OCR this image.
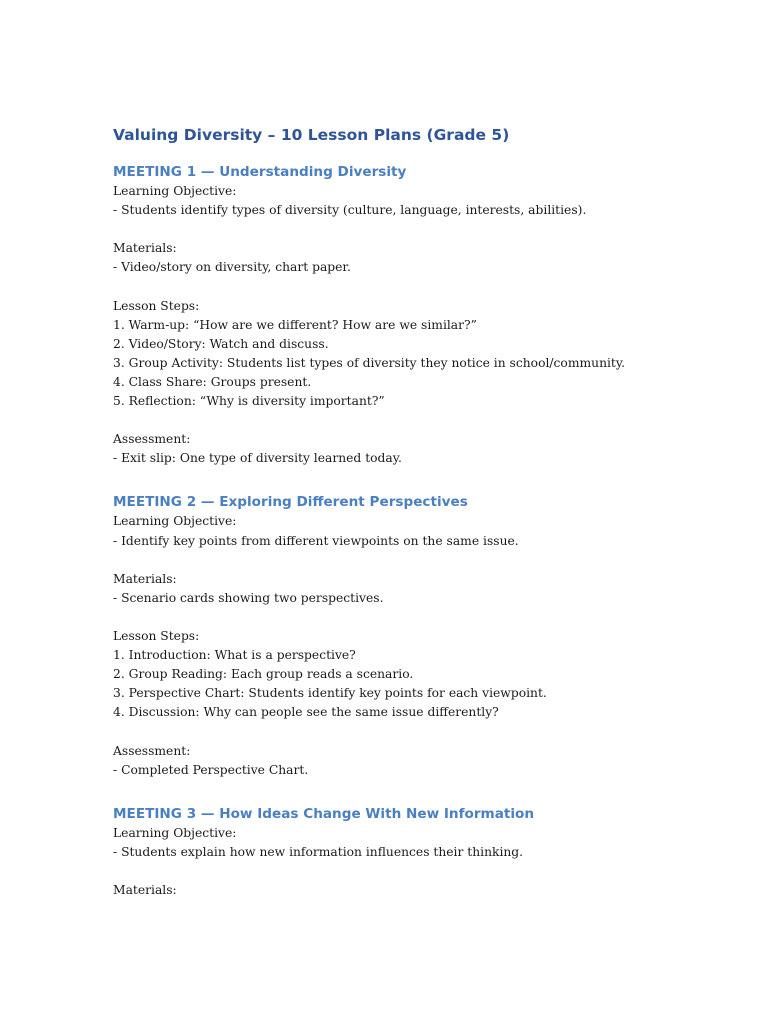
Valuing Diversity – 10 Lesson Plans (Grade 5)
MEETING 1 — Understanding Diversity

Learning Objective:

- Students identify types of diversity (culture, language, interests, abilities).

Materials:

- Video/story on diversity, chart paper.

Lesson Steps:

1. Warm-up: “How are we different? How are we similar?”

2. Video/Story: Watch and discuss.

3. Group Activity: Students list types of diversity they notice in school/community.

4. Class Share: Groups present.

5. Reflection: “Why is diversity important?”

Assessment:

- Exit slip: One type of diversity learned today.

MEETING 2 — Exploring Different Perspectives

Learning Objective:

- Identify key points from different viewpoints on the same issue.

Materials:

- Scenario cards showing two perspectives.

Lesson Steps:

1. Introduction: What is a perspective?

2. Group Reading: Each group reads a scenario.

3. Perspective Chart: Students identify key points for each viewpoint.

4. Discussion: Why can people see the same issue differently?

Assessment:

- Completed Perspective Chart.

MEETING 3 — How Ideas Change With New Information

Learning Objective:

- Students explain how new information influences their thinking.

Materials:
